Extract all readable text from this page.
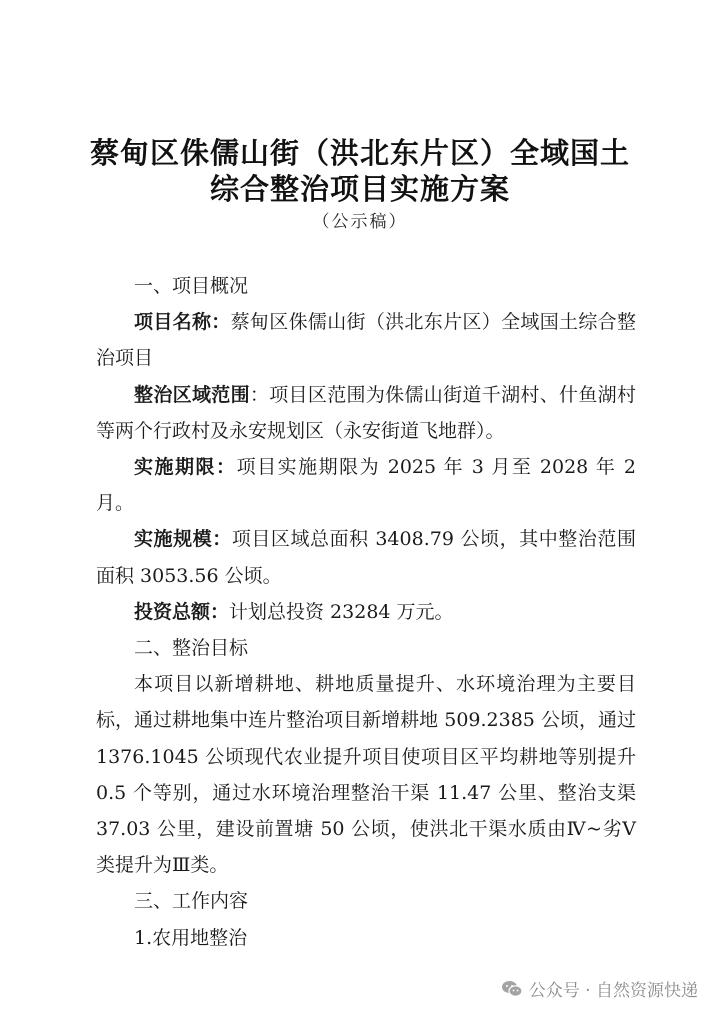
蔡甸区侏儒山街（洪北东片区）全域国土
综合整治项目实施方案
（公示稿）

一、项目概况

项目名称：蔡甸区侏儒山街（洪北东片区）全域国土综合整治项目

整治区域范围：项目区范围为侏儒山街道千湖村、什鱼湖村等两个行政村及永安规划区（永安街道飞地群）。

实施期限：项目实施期限为 2025 年 3 月至 2028 年 2 月。

实施规模：项目区域总面积 3408.79 公顷，其中整治范围面积 3053.56 公顷。

投资总额：计划总投资 23284 万元。

二、整治目标

本项目以新增耕地、耕地质量提升、水环境治理为主要目标，通过耕地集中连片整治项目新增耕地 509.2385 公顷，通过 1376.1045 公顷现代农业提升项目使项目区平均耕地等别提升 0.5 个等别，通过水环境治理整治干渠 11.47 公里、整治支渠 37.03 公里，建设前置塘 50 公顷，使洪北干渠水质由Ⅳ~劣Ⅴ类提升为Ⅲ类。

三、工作内容

1.农用地整治

公众号 · 自然资源快递
